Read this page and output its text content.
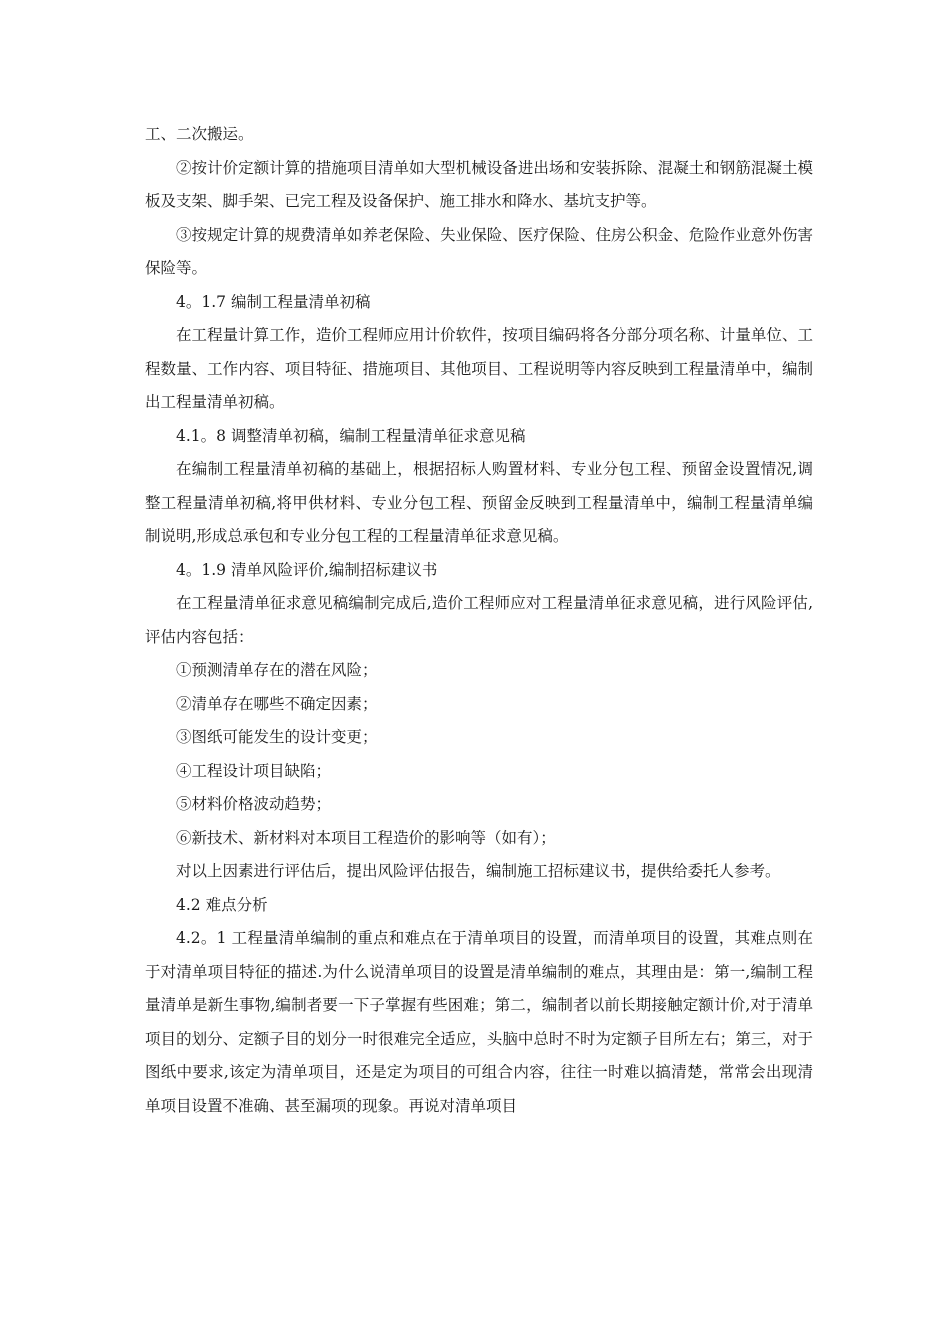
工、二次搬运。

②按计价定额计算的措施项目清单如大型机械设备进出场和安装拆除、混凝土和钢筋混凝土模板及支架、脚手架、已完工程及设备保护、施工排水和降水、基坑支护等。

③按规定计算的规费清单如养老保险、失业保险、医疗保险、住房公积金、危险作业意外伤害保险等。

4。1.7 编制工程量清单初稿

在工程量计算工作，造价工程师应用计价软件，按项目编码将各分部分项名称、计量单位、工程数量、工作内容、项目特征、措施项目、其他项目、工程说明等内容反映到工程量清单中，编制出工程量清单初稿。

4.1。8 调整清单初稿，编制工程量清单征求意见稿

在编制工程量清单初稿的基础上，根据招标人购置材料、专业分包工程、预留金设置情况,调整工程量清单初稿,将甲供材料、专业分包工程、预留金反映到工程量清单中，编制工程量清单编制说明,形成总承包和专业分包工程的工程量清单征求意见稿。

4。1.9 清单风险评价,编制招标建议书

在工程量清单征求意见稿编制完成后,造价工程师应对工程量清单征求意见稿，进行风险评估,评估内容包括：

①预测清单存在的潜在风险；

②清单存在哪些不确定因素；

③图纸可能发生的设计变更；

④工程设计项目缺陷；

⑤材料价格波动趋势；

⑥新技术、新材料对本项目工程造价的影响等（如有）；

对以上因素进行评估后，提出风险评估报告，编制施工招标建议书，提供给委托人参考。

4.2 难点分析

4.2。1 工程量清单编制的重点和难点在于清单项目的设置，而清单项目的设置，其难点则在于对清单项目特征的描述.为什么说清单项目的设置是清单编制的难点，其理由是：第一,编制工程量清单是新生事物,编制者要一下子掌握有些困难；第二，编制者以前长期接触定额计价,对于清单项目的划分、定额子目的划分一时很难完全适应，头脑中总时不时为定额子目所左右；第三，对于图纸中要求,该定为清单项目，还是定为项目的可组合内容，往往一时难以搞清楚，常常会出现清单项目设置不准确、甚至漏项的现象。再说对清单项目
